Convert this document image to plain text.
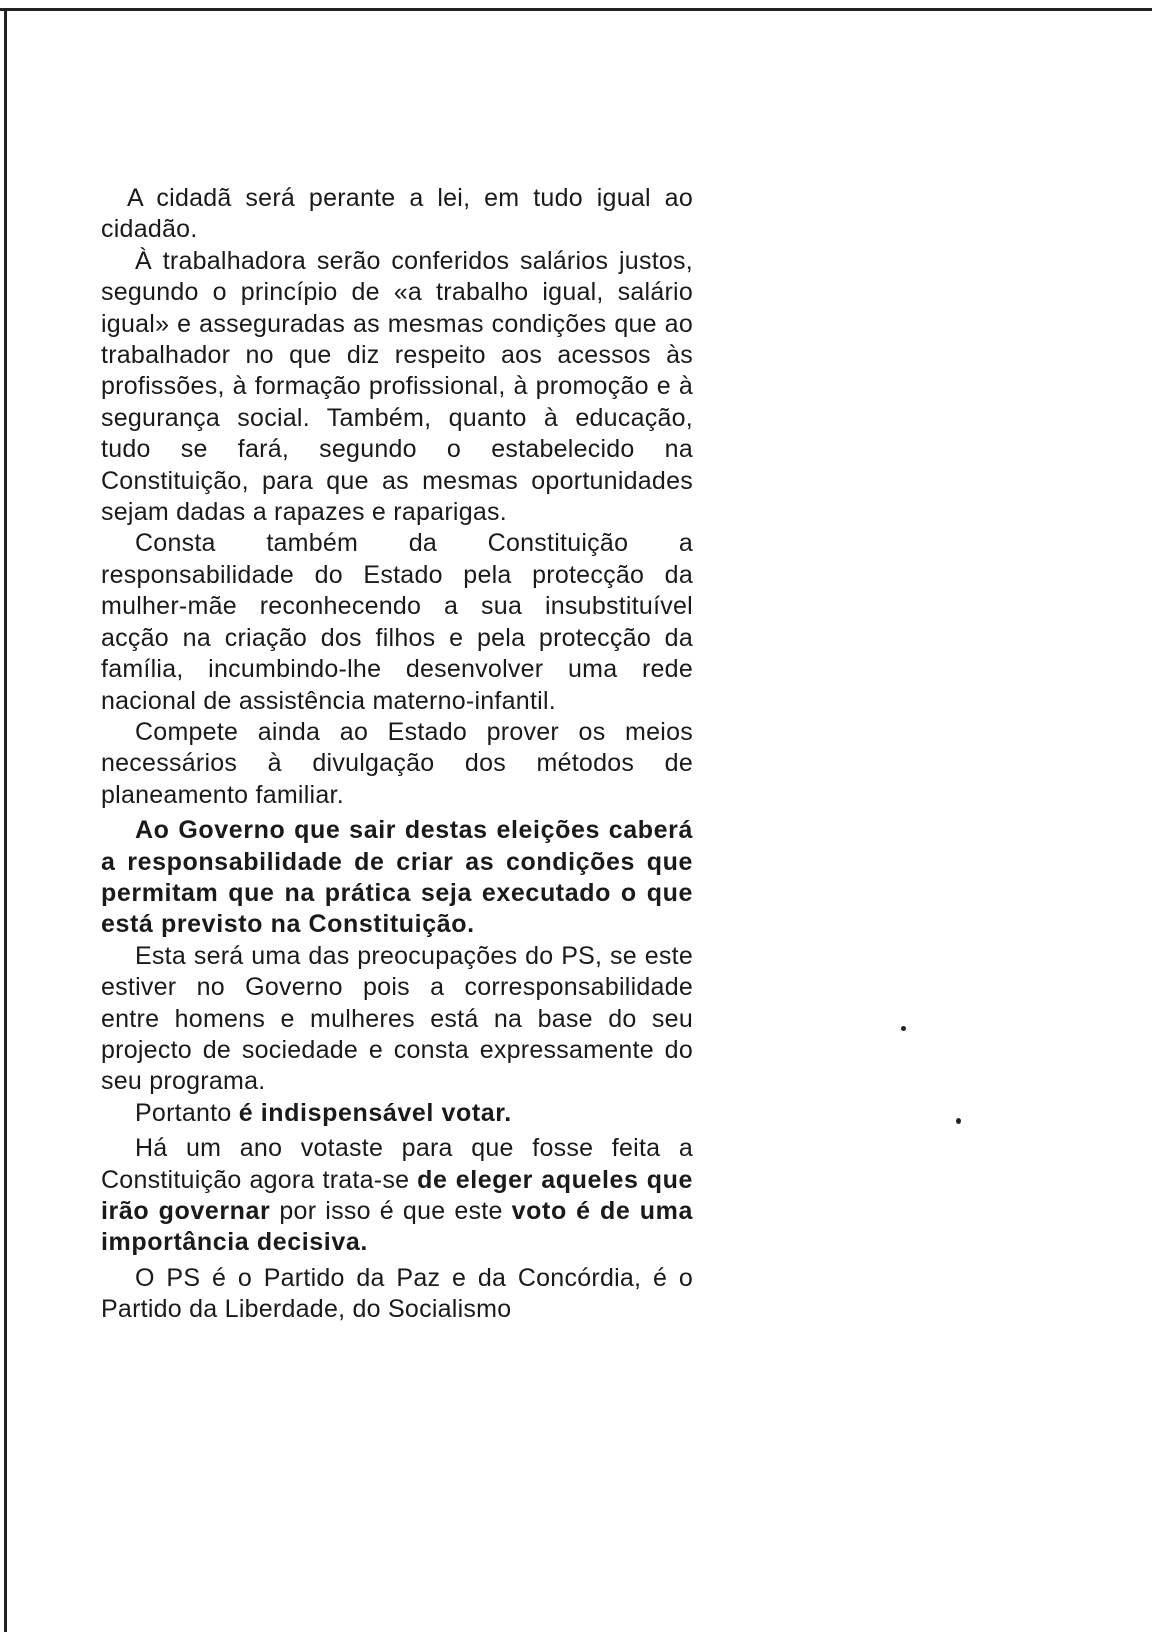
A cidadã será perante a lei, em tudo igual ao cidadão.

À trabalhadora serão conferidos salários justos, segundo o princípio de «a trabalho igual, salário igual» e asseguradas as mesmas condições que ao trabalhador no que diz respeito aos acessos às profissões, à formação profissional, à promoção e à segurança social. Também, quanto à educação, tudo se fará, segundo o estabelecido na Constituição, para que as mesmas oportunidades sejam dadas a rapazes e raparigas.

Consta também da Constituição a responsabilidade do Estado pela protecção da mulher-mãe reconhecendo a sua insubstituível acção na criação dos filhos e pela protecção da família, incumbindo-lhe desenvolver uma rede nacional de assistência materno-infantil.

Compete ainda ao Estado prover os meios necessários à divulgação dos métodos de planeamento familiar.

Ao Governo que sair destas eleições caberá a responsabilidade de criar as condições que permitam que na prática seja executado o que está previsto na Constituição.

Esta será uma das preocupações do PS, se este estiver no Governo pois a corresponsabilidade entre homens e mulheres está na base do seu projecto de sociedade e consta expressamente do seu programa.

Portanto é indispensável votar.

Há um ano votaste para que fosse feita a Constituição agora trata-se de eleger aqueles que irão governar por isso é que este voto é de uma importância decisiva.

O PS é o Partido da Paz e da Concórdia, é o Partido da Liberdade, do Socialismo
